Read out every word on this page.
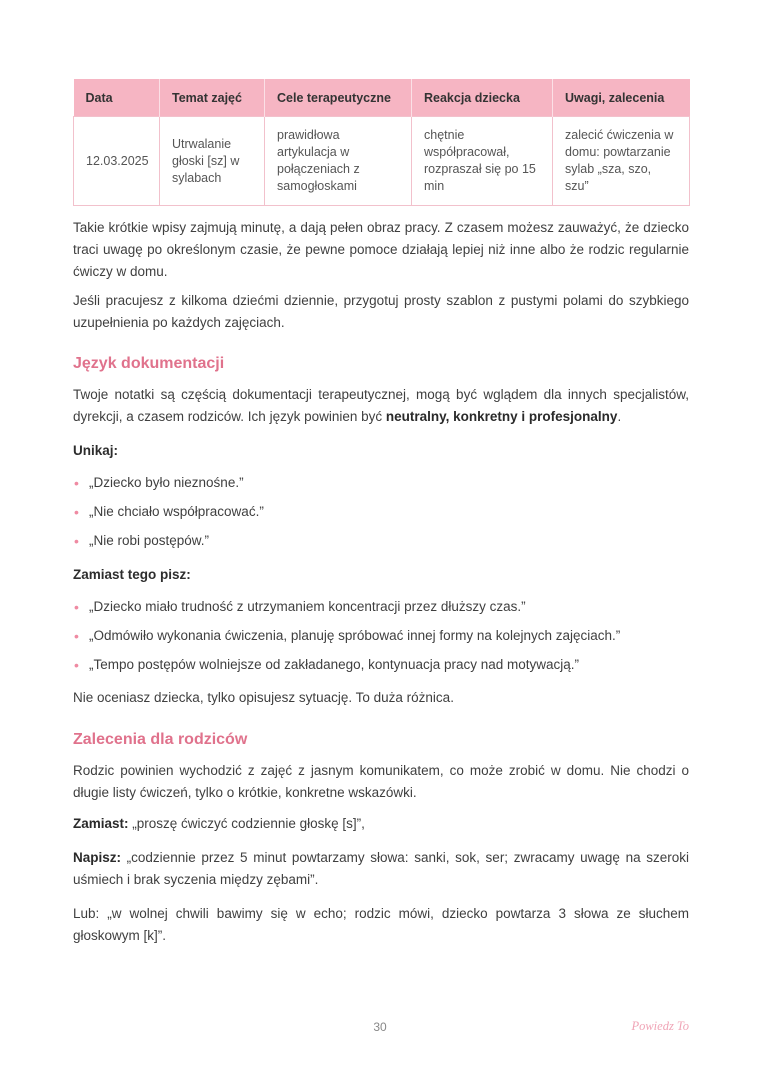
Data	Temat zajęć	Cele terapeutyczne	Reakcja dziecka	Uwagi, zalecenia
12.03.2025	Utrwalanie głoski [sz] w sylabach	prawidłowa artykulacja w połączeniach z samogłoskami	chętnie współpracował, rozpraszał się po 15 min	zalecić ćwiczenia w domu: powtarzanie sylab „sza, szo, szu”

Takie krótkie wpisy zajmują minutę, a dają pełen obraz pracy. Z czasem możesz zauważyć, że dziecko traci uwagę po określonym czasie, że pewne pomoce działają lepiej niż inne albo że rodzic regularnie ćwiczy w domu.

Jeśli pracujesz z kilkoma dziećmi dziennie, przygotuj prosty szablon z pustymi polami do szybkiego uzupełnienia po każdych zajęciach.

Język dokumentacji

Twoje notatki są częścią dokumentacji terapeutycznej, mogą być wglądem dla innych specjalistów, dyrekcji, a czasem rodziców. Ich język powinien być neutralny, konkretny i profesjonalny.

Unikaj:

• „Dziecko było nieznośne.”
• „Nie chciało współpracować.”
• „Nie robi postępów.”

Zamiast tego pisz:

• „Dziecko miało trudność z utrzymaniem koncentracji przez dłuższy czas.”
• „Odmówiło wykonania ćwiczenia, planuję spróbować innej formy na kolejnych zajęciach.”
• „Tempo postępów wolniejsze od zakładanego, kontynuacja pracy nad motywacją.”

Nie oceniasz dziecka, tylko opisujesz sytuację. To duża różnica.

Zalecenia dla rodziców

Rodzic powinien wychodzić z zajęć z jasnym komunikatem, co może zrobić w domu. Nie chodzi o długie listy ćwiczeń, tylko o krótkie, konkretne wskazówki.

Zamiast: „proszę ćwiczyć codziennie głoskę [s]”,

Napisz: „codziennie przez 5 minut powtarzamy słowa: sanki, sok, ser; zwracamy uwagę na szeroki uśmiech i brak syczenia między zębami”.

Lub: „w wolnej chwili bawimy się w echo; rodzic mówi, dziecko powtarza 3 słowa ze słuchem głoskowym [k]”.

30	Powiedz To
